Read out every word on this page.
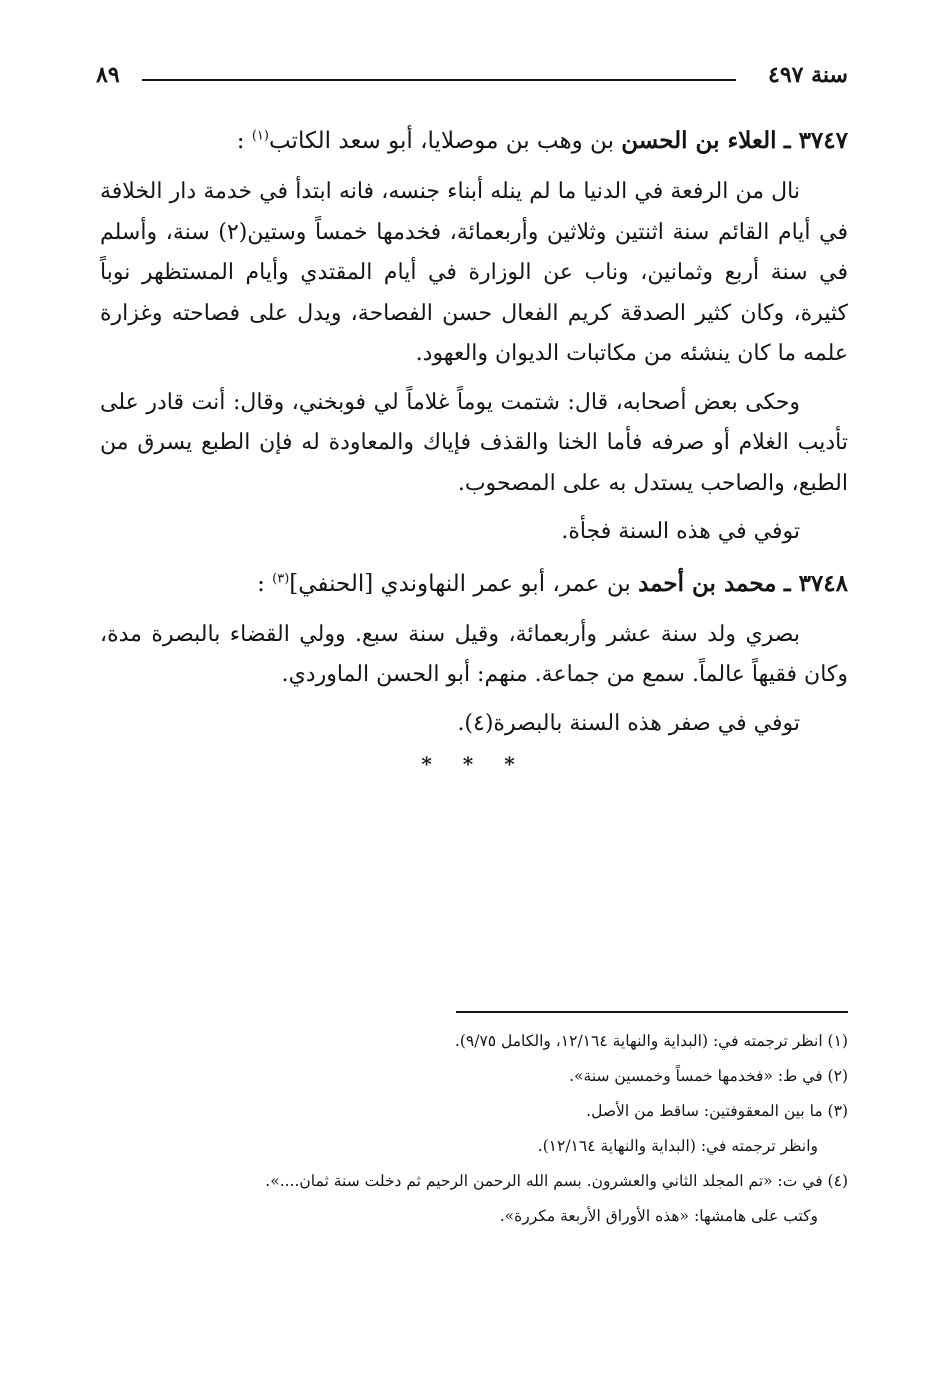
سنة ٤٩٧
٨٩
٣٧٤٧ ـ العلاء بن الحسن بن وهب بن موصلايا، أبو سعد الكاتب$^{(١)}$ :

نال من الرفعة في الدنيا ما لم ينله أبناء جنسه، فانه ابتدأ في خدمة دار الخلافة في أيام القائم سنة اثنتين وثلاثين وأربعمائة، فخدمها خمساً وستين(٢) سنة، وأسلم في سنة أربع وثمانين، وناب عن الوزارة في أيام المقتدي وأيام المستظهر نوباً كثيرة، وكان كثير الصدقة كريم الفعال حسن الفصاحة، ويدل على فصاحته وغزارة علمه ما كان ينشئه من مكاتبات الديوان والعهود.

وحكى بعض أصحابه، قال: شتمت يوماً غلاماً لي فوبخني، وقال: أنت قادر على تأديب الغلام أو صرفه فأما الخنا والقذف فإياك والمعاودة له فإن الطبع يسرق من الطبع، والصاحب يستدل به على المصحوب.

توفي في هذه السنة فجأة.

٣٧٤٨ ـ محمد بن أحمد بن عمر، أبو عمر النهاوندي [الحنفي]$^{(٣)}$ :

بصري ولد سنة عشر وأربعمائة، وقيل سنة سبع. وولي القضاء بالبصرة مدة، وكان فقيهاً عالماً. سمع من جماعة. منهم: أبو الحسن الماوردي.

توفي في صفر هذه السنة بالبصرة(٤).

* * *
(١) انظر ترجمته في: (البداية والنهاية ١٢/١٦٤، والكامل ٩/٧٥).
(٢) في ط: «فخدمها خمساً وخمسين سنة».
(٣) ما بين المعقوفتين: ساقط من الأصل.
وانظر ترجمته في: (البداية والنهاية ١٢/١٦٤).
(٤) في ت: «تم المجلد الثاني والعشرون. بسم الله الرحمن الرحيم ثم دخلت سنة ثمان....».
وكتب على هامشها: «هذه الأوراق الأربعة مكررة».
